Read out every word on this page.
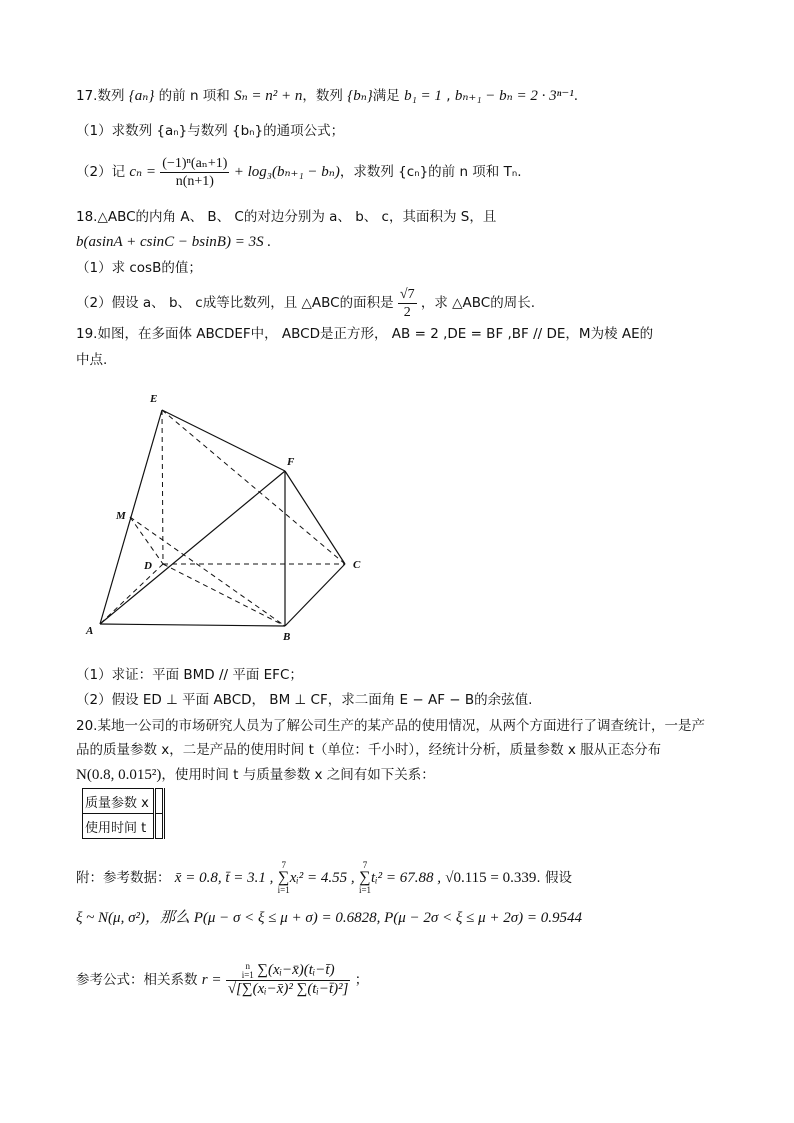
17.数列 {aₙ} 的前 n 项和 Sₙ = n² + n，数列 {bₙ}满足 b₁ = 1 , bₙ₊₁ − bₙ = 2 · 3ⁿ⁻¹.
（1）求数列 {aₙ}与数列 {bₙ}的通项公式；
（2）记 $c_n = \frac{\text{(−1)ⁿ(aₙ+1)}}{n(n+1)} + \log_3(b_{n+1} - b_n)$，求数列 {cₙ}的前 n 项和 Tₙ.
18.△ABC的内角 A、 B、 C的对边分别为 a、 b、 c，其面积为 S，且
b(asinA + csinC − bsinB) = 3S .
（1）求 cosB的值；
（2）假设 a、 b、 c成等比数列，且 △ABC的面积是 $\frac{√7}{2}$ ，求 △ABC的周长.
19.如图，在多面体 ABCDEF中， ABCD是正方形， AB = 2 ,DE = BF ,BF // DE，M为棱 AE的
中点.
E
F
M
D	C
A	B
（1）求证：平面 BMD // 平面 EFC；
（2）假设 ED ⊥ 平面 ABCD， BM ⊥ CF，求二面角 E − AF − B的余弦值.
20.某地一公司的市场研究人员为了解公司生产的某产品的使用情况，从两个方面进行了调查统计，一是产
品的质量参数 x，二是产品的使用时间 t（单位：千小时），经统计分析，质量参数 x 服从正态分布
N(0.8, 0.015²)，使用时间 t 与质量参数 x 之间有如下关系：
质量参数 x	
使用时间 t	
附：参考数据： x̄ = 0.8, t̄ = 3.1 , 7
∑
i=1xᵢ² = 4.55 , 7
∑
i=1tᵢ² = 67.88 , √0.115 = 0.339. 假设
ξ ~ N(μ, σ²)，那么 P(μ − σ < ξ ≤ μ + σ) = 0.6828, P(μ − 2σ < ξ ≤ μ + 2σ) = 0.9544
参考公式：相关系数 r =
n
i=1 ∑(xᵢ−x̄)(tᵢ−t̄)
√[∑(xᵢ−x̄)² ∑(tᵢ−t̄)²]
；
